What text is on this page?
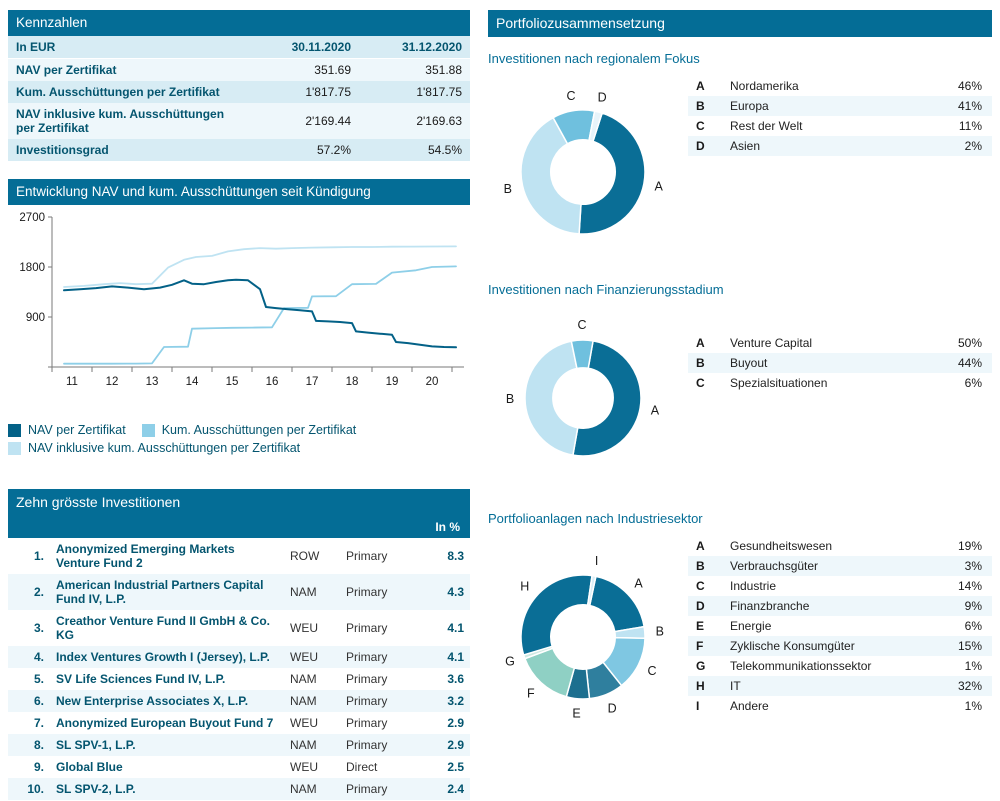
Kennzahlen
In EUR	30.11.2020	31.12.2020
NAV per Zertifikat	351.69	351.88
Kum. Ausschüttungen per Zertifikat	1'817.75	1'817.75
NAV inklusive kum. Ausschüttungen per Zertifikat	2'169.44	2'169.63
Investitionsgrad	57.2%	54.5%
Entwicklung NAV und kum. Ausschüttungen seit Kündigung
900
1800
2700
11 12 13 14 15 16 17 18 19 20
NAV per Zertifikat	Kum. Ausschüttungen per Zertifikat
NAV inklusive kum. Ausschüttungen per Zertifikat
Zehn grösste Investitionen
				In %
1.	Anonymized Emerging Markets Venture Fund 2	ROW	Primary	8.3
2.	American Industrial Partners Capital Fund IV, L.P.	NAM	Primary	4.3
3.	Creathor Venture Fund II GmbH & Co. KG	WEU	Primary	4.1
4.	Index Ventures Growth I (Jersey), L.P.	WEU	Primary	4.1
5.	SV Life Sciences Fund IV, L.P.	NAM	Primary	3.6
6.	New Enterprise Associates X, L.P.	NAM	Primary	3.2
7.	Anonymized European Buyout Fund 7	WEU	Primary	2.9
8.	SL SPV-1, L.P.	NAM	Primary	2.9
9.	Global Blue	WEU	Direct	2.5
10.	SL SPV-2, L.P.	NAM	Primary	2.4
Portfoliozusammensetzung
Investitionen nach regionalem Fokus
A
B
C D
A	Nordamerika	46%
B	Europa	41%
C	Rest der Welt	11%
D	Asien	2%
Investitionen nach Finanzierungsstadium
A
B
C
A	Venture Capital	50%
B	Buyout	44%
C	Spezialsituationen	6%
Portfolioanlagen nach Industriesektor
A
B
C
D
E
F
G
H
I
A	Gesundheitswesen	19%
B	Verbrauchsgüter	3%
C	Industrie	14%
D	Finanzbranche	9%
E	Energie	6%
F	Zyklische Konsumgüter	15%
G	Telekommunikationssektor	1%
H	IT	32%
I	Andere	1%
